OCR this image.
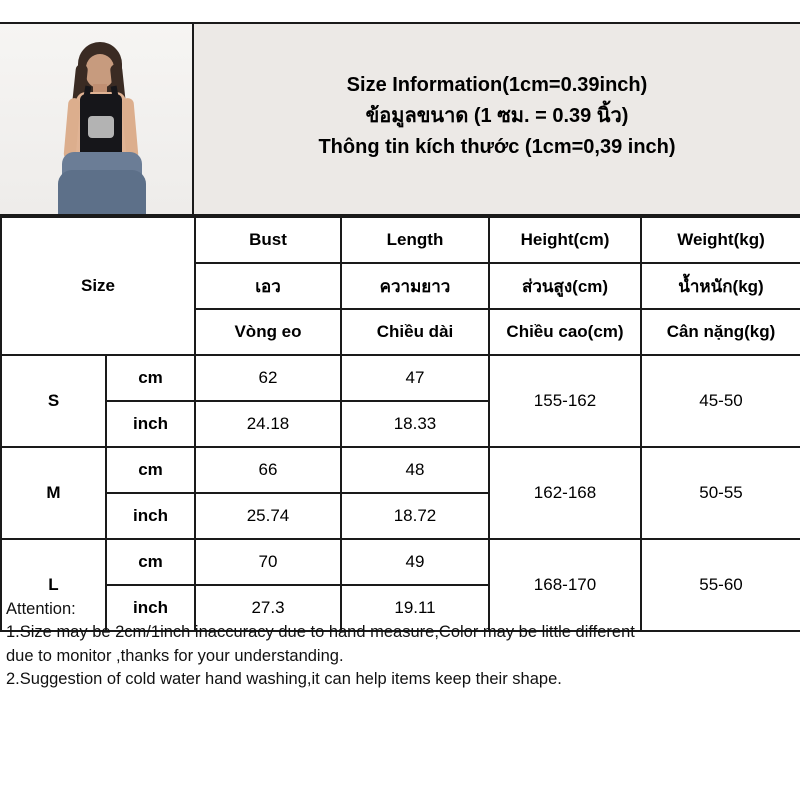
Size Information(1cm=0.39inch)
ข้อมูลขนาด (1 ซม. = 0.39 นิ้ว)
Thông tin kích thước (1cm=0,39 inch)
Size		Bust	Length	Height(cm)	Weight(kg)
		เอว	ความยาว	ส่วนสูง(cm)	น้ำหนัก(kg)
		Vòng eo	Chiều dài	Chiều cao(cm)	Cân nặng(kg)
S	cm	62	47	155-162	45-50
	inch	24.18	18.33		
M	cm	66	48	162-168	50-55
	inch	25.74	18.72		
L	cm	70	49	168-170	55-60
	inch	27.3	19.11		
Attention:
1.Size may be 2cm/1inch inaccuracy due to hand measure,Color may be little different
due to monitor ,thanks for your understanding.
2.Suggestion of cold water hand washing,it can help items keep their shape.
